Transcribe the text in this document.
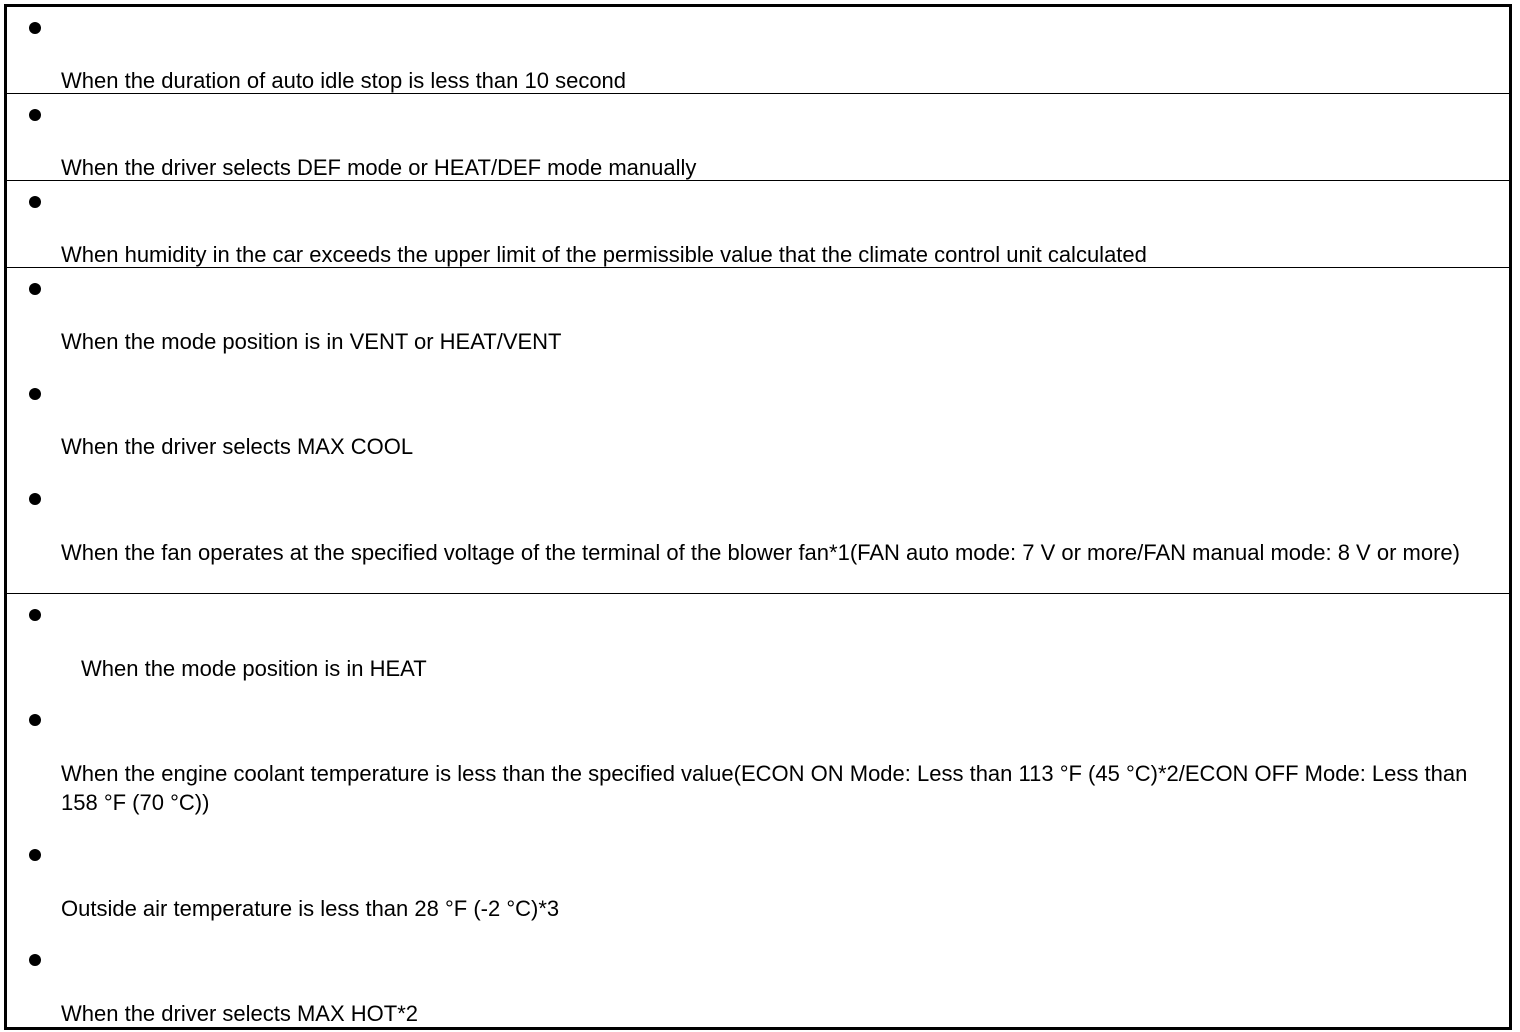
When the duration of auto idle stop is less than 10 second
When the driver selects DEF mode or HEAT/DEF mode manually
When humidity in the car exceeds the upper limit of the permissible value that the climate control unit calculated
When the mode position is in VENT or HEAT/VENT
When the driver selects MAX COOL
When the fan operates at the specified voltage of the terminal of the blower fan*1(FAN auto mode: 7 V or more/FAN manual mode: 8 V or more)
When the mode position is in HEAT
When the engine coolant temperature is less than the specified value(ECON ON Mode: Less than 113 °F (45 °C)*2/ECON OFF Mode: Less than 158 °F (70 °C))
Outside air temperature is less than 28 °F (-2 °C)*3
When the driver selects MAX HOT*2
